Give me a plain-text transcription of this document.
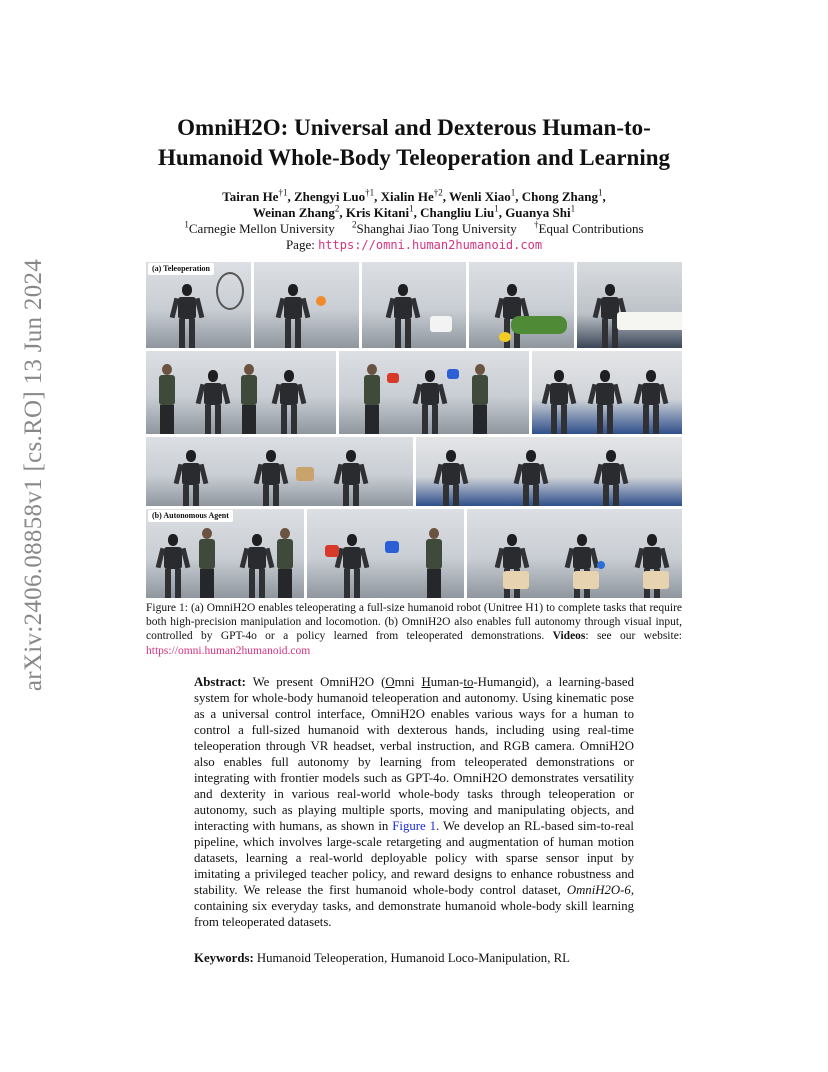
arXiv:2406.08858v1 [cs.RO] 13 Jun 2024
OmniH2O: Universal and Dexterous Human-to-
Humanoid Whole-Body Teleoperation and Learning
Tairan He$^{\dagger 1}$, Zhengyi Luo$^{\dagger 1}$, Xialin He$^{\dagger 2}$, Wenli Xiao$^1$, Chong Zhang$^1$,
Weinan Zhang$^2$, Kris Kitani$^1$, Changliu Liu$^1$, Guanya Shi$^1$
$^1$Carnegie Mellon University $^2$Shanghai Jiao Tong University †Equal Contributions
Page: https://omni.human2humanoid.com
(a) Teleoperation
(b) Autonomous Agent
Figure 1: (a) OmniH2O enables teleoperating a full-size humanoid robot (Unitree H1) to complete tasks that require both high-precision manipulation and locomotion. (b) OmniH2O also enables full autonomy through visual input, controlled by GPT-4o or a policy learned from teleoperated demonstrations. Videos: see our website: https://omni.human2humanoid.com
Abstract: We present OmniH2O (Omni Human-to-Humanoid), a learning-based system for whole-body humanoid teleoperation and autonomy. Using kinematic pose as a universal control interface, OmniH2O enables various ways for a human to control a full-sized humanoid with dexterous hands, including using real-time teleoperation through VR headset, verbal instruction, and RGB camera. OmniH2O also enables full autonomy by learning from teleoperated demonstrations or integrating with frontier models such as GPT-4o. OmniH2O demonstrates versatility and dexterity in various real-world whole-body tasks through teleoperation or autonomy, such as playing multiple sports, moving and manipulating objects, and interacting with humans, as shown in Figure 1. We develop an RL-based sim-to-real pipeline, which involves large-scale retargeting and augmentation of human motion datasets, learning a real-world deployable policy with sparse sensor input by imitating a privileged teacher policy, and reward designs to enhance robustness and stability. We release the first humanoid whole-body control dataset, OmniH2O-6, containing six everyday tasks, and demonstrate humanoid whole-body skill learning from teleoperated datasets.
Keywords: Humanoid Teleoperation, Humanoid Loco-Manipulation, RL
